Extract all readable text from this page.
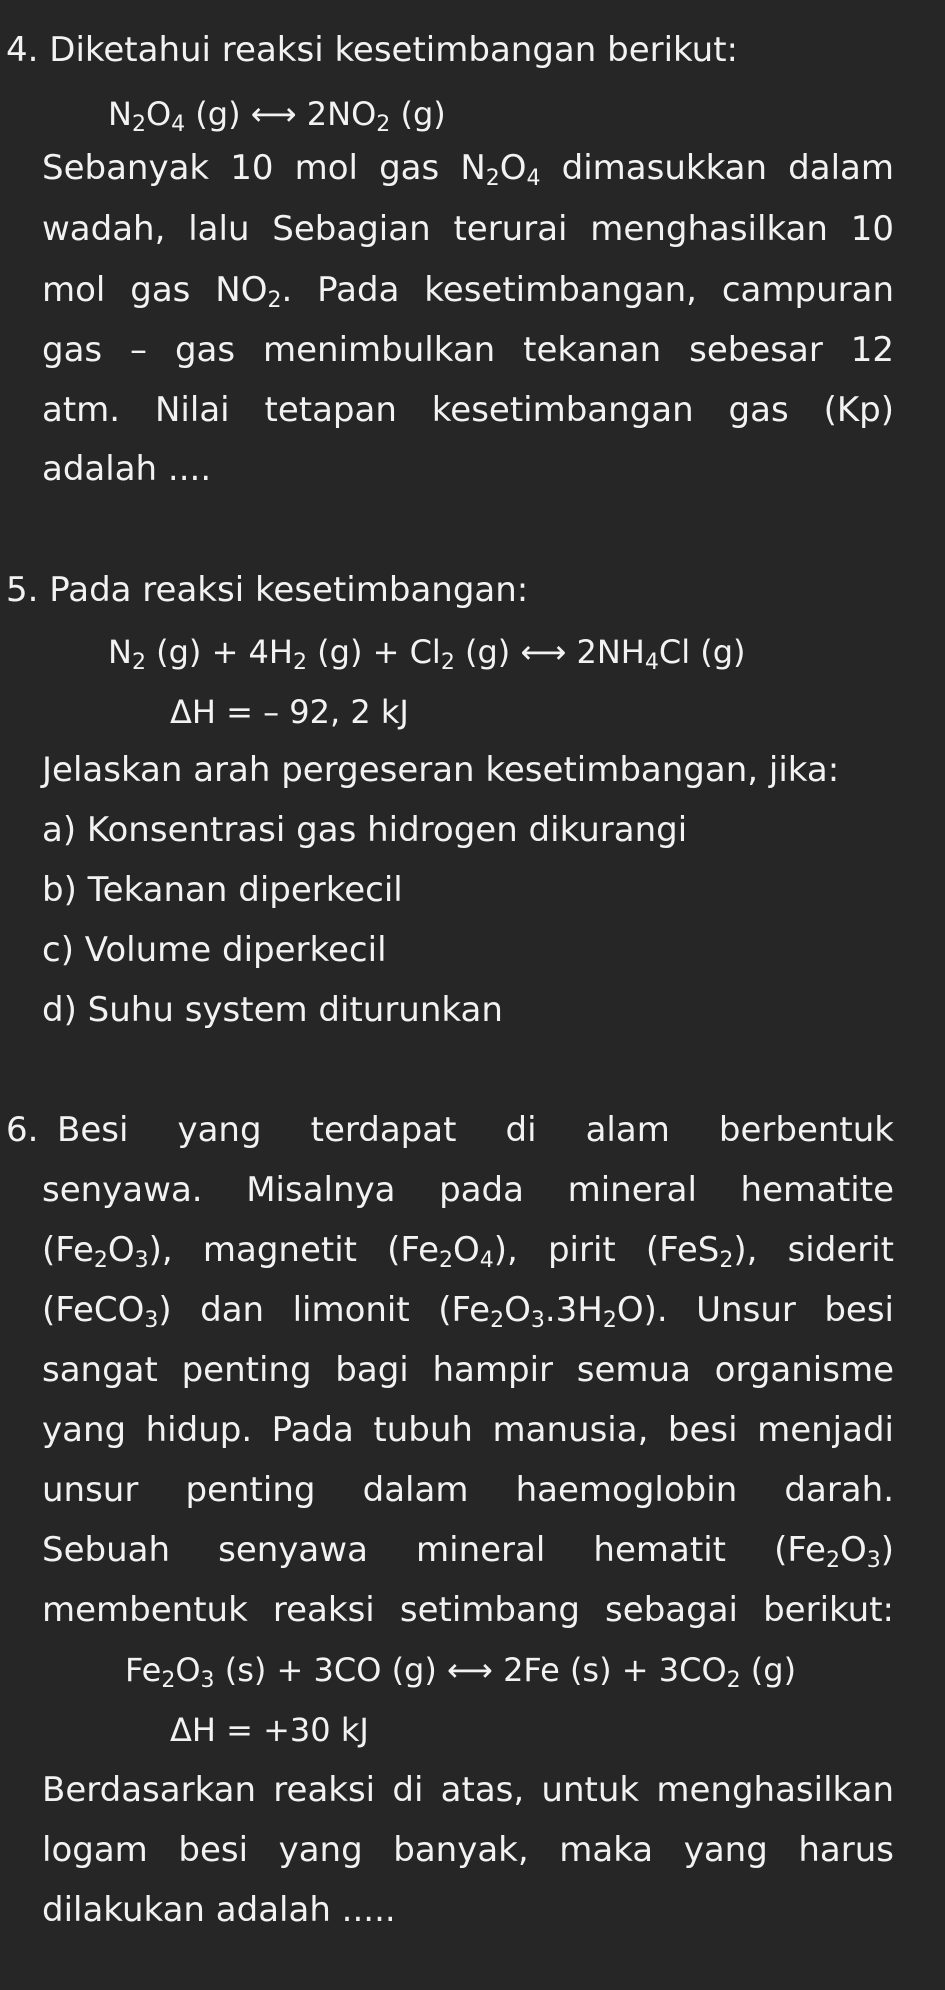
4. Diketahui reaksi kesetimbangan berikut:
$N_2O_4$ (g) ⟷ $2NO_2$ (g)
Sebanyak 10 mol gas $N_2O_4$ dimasukkan dalam
wadah, lalu Sebagian terurai menghasilkan 10
mol gas $NO_2$. Pada kesetimbangan, campuran
gas – gas menimbulkan tekanan sebesar 12
atm. Nilai tetapan kesetimbangan gas (Kp)
adalah ....
5. Pada reaksi kesetimbangan:
$N_2$ $(g) + 4H_2$ $(g) + Cl_2$ (g) ⟷ $2NH_4Cl$ (g)
ΔH = – 92, 2 kJ
Jelaskan arah pergeseran kesetimbangan, jika:
a) Konsentrasi gas hidrogen dikurangi
b) Tekanan diperkecil
c) Volume diperkecil
d) Suhu system diturunkan
6. Besi yang terdapat di alam berbentuk
senyawa. Misalnya pada mineral hematite
$(Fe_2O_3)$, magnetit $(Fe_2O_4)$, pirit (FeS$_2$), siderit
(FeCO$_3$) dan limonit $(Fe_2O_3.3H_2O)$. Unsur besi
sangat penting bagi hampir semua organisme
yang hidup. Pada tubuh manusia, besi menjadi
unsur penting dalam haemoglobin darah.
Sebuah senyawa mineral hematit $(Fe_2O_3)$
membentuk reaksi setimbang sebagai berikut:
$Fe_2O_3$ (s) + 3CO (g) ⟷ 2Fe $(s) + 3CO_2$ (g)
ΔH = +30 kJ
Berdasarkan reaksi di atas, untuk menghasilkan
logam besi yang banyak, maka yang harus
dilakukan adalah .....
